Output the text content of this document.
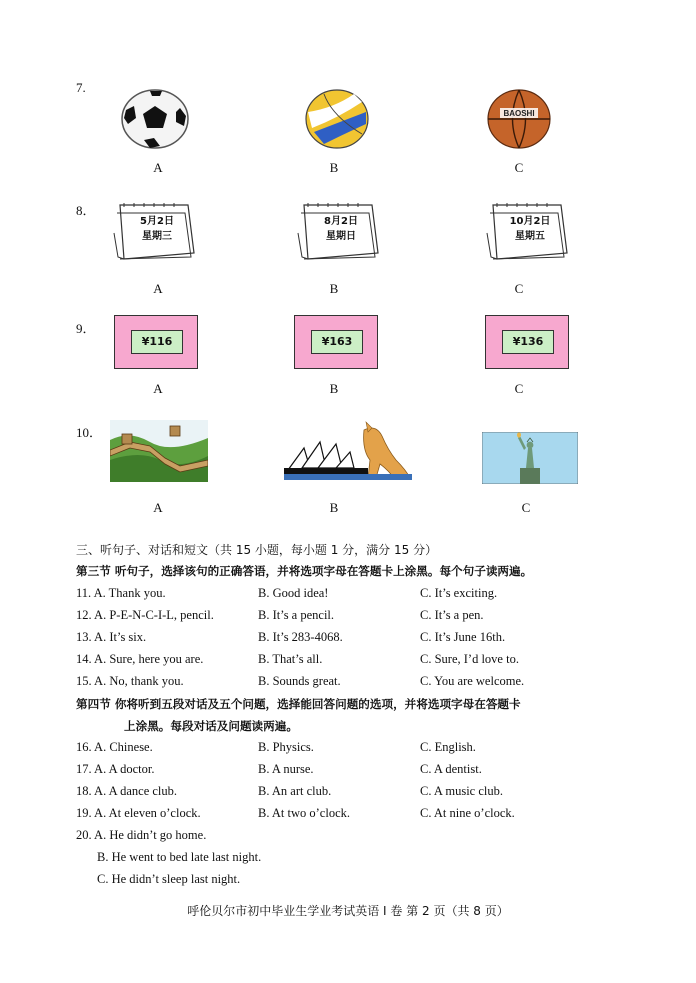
7.
BAOSHI
A	B	C
8．
5月2日
星期三
8月2日
星期日
10月2日
星期五
A	B	C
9．
¥116	¥163	¥136
A	B	C
10．
A	B	C
三、听句子、对话和短文（共 15 小题，每小题 1 分，满分 15 分）
第三节 听句子，选择该句的正确答语，并将选项字母在答题卡上涂黑。每个句子读两遍。
11. A. Thank you.	B. Good idea!	C. It’s exciting.
12. A. P-E-N-C-I-L, pencil.	B. It’s a pencil.	C. It’s a pen.
13. A. It’s six.	B. It’s 283-4068.	C. It’s June 16th.
14. A. Sure, here you are.	B. That’s all.	C. Sure, I’d love to.
15. A. No, thank you.	B. Sounds great.	C. You are welcome.
第四节 你将听到五段对话及五个问题，选择能回答问题的选项，并将选项字母在答题卡
上涂黑。每段对话及问题读两遍。
16. A. Chinese.	B. Physics.	C. English.
17. A. A doctor.	B. A nurse.	C. A dentist.
18. A. A dance club.	B. An art club.	C. A music club.
19. A. At eleven o’clock.	B. At two o’clock.	C. At nine o’clock.
20. A. He didn’t go home.
B. He went to bed late last night.
C. He didn’t sleep last night.
呼伦贝尔市初中毕业生学业考试英语 I 卷 第 2 页（共 8 页）
